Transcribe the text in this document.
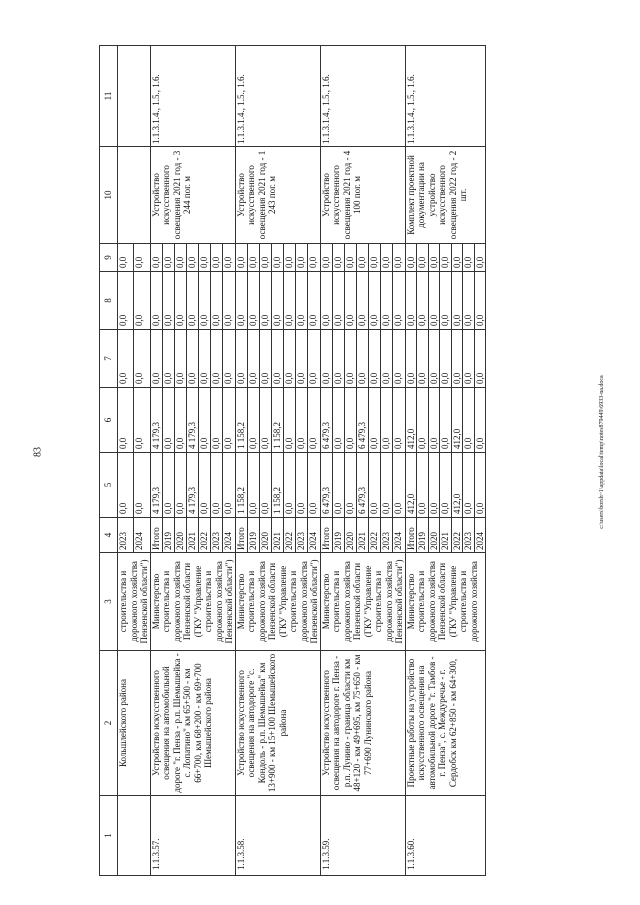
83	c:\users\borsh~1\appdata\local\temp\notes879449\6933-na.doca
1	2	3	4	5	6	7	8	9	10	11
	Кольшлейского района	строительства и дорожного хозяйства Пензенской области")	2023	0,0	0,0	0,0	0,0	0,0		
			2024	0,0	0,0	0,0	0,0	0,0		
1.1.3.57.	Устройство искусственного освещения на автомобильной дороге "г. Пенза - р.п. Шемышейка - с. Лопатино" км 65+500 - км 66+700, км 68+200 - км 69+700 Шемышейского района	Министерство строительства и дорожного хозяйства Пензенской области (ГКУ "Управление строительства и дорожного хозяйства Пензенской области")	Итого	4 179,3	4 179,3	0,0	0,0	0,0	Устройство искусственного освещения 2021 год - 3 244 пог. м	1.1.3.1.4., 1.5., 1.6.
			2019	0,0	0,0	0,0	0,0	0,0		
			2020	0,0	0,0	0,0	0,0	0,0		
			2021	4 179,3	4 179,3	0,0	0,0	0,0		
			2022	0,0	0,0	0,0	0,0	0,0		
			2023	0,0	0,0	0,0	0,0	0,0		
			2024	0,0	0,0	0,0	0,0	0,0		
1.1.3.58.	Устройство искусственного освещения на автодороге "с. Кондоль - р.п. Шемышейка" км 13+900 - км 15+100 Шемышейского района	Министерство строительства и дорожного хозяйства Пензенской области (ГКУ "Управление строительства и дорожного хозяйства Пензенской области")	Итого	1 158,2	1 158,2	0,0	0,0	0,0	Устройство искусственного освещения 2021 год - 1 243 пог. м	1.1.3.1.4., 1.5., 1.6.
			2019	0,0	0,0	0,0	0,0	0,0		
			2020	0,0	0,0	0,0	0,0	0,0		
			2021	1 158,2	1 158,2	0,0	0,0	0,0		
			2022	0,0	0,0	0,0	0,0	0,0		
			2023	0,0	0,0	0,0	0,0	0,0		
			2024	0,0	0,0	0,0	0,0	0,0		
1.1.3.59.	Устройство искусственного освещения на автодороге г. Пенза - р.п. Лунино - граница области км 48+120 - км 49+695, км 75+650 - км 77+690 Лунинского района	Министерство строительства и дорожного хозяйства Пензенской области (ГКУ "Управление строительства и дорожного хозяйства Пензенской области")	Итого	6 479,3	6 479,3	0,0	0,0	0,0	Устройство искусственного освещения 2021 год - 4 100 пог. м	1.1.3.1.4., 1.5., 1.6.
			2019	0,0	0,0	0,0	0,0	0,0		
			2020	0,0	0,0	0,0	0,0	0,0		
			2021	6 479,3	6 479,3	0,0	0,0	0,0		
			2022	0,0	0,0	0,0	0,0	0,0		
			2023	0,0	0,0	0,0	0,0	0,0		
			2024	0,0	0,0	0,0	0,0	0,0		
1.1.3.60.	Проектные работы на устройство искусственного освещения на автомобильной дороге "г. Тамбов - г. Пенза", с. Междуречье - г. Сердобск км 62+850 - км 64+300,	Министерство строительства и дорожного хозяйства Пензенской области (ГКУ "Управление строительства и дорожного хозяйства	Итого	412,0	412,0	0,0	0,0	0,0	Комплект проектной документации на устройство искусственного освещения 2022 год - 2 шт.	1.1.3.1.4., 1.5., 1.6.
			2019	0,0	0,0	0,0	0,0	0,0		
			2020	0,0	0,0	0,0	0,0	0,0		
			2021	0,0	0,0	0,0	0,0	0,0		
			2022	412,0	412,0	0,0	0,0	0,0		
			2023	0,0	0,0	0,0	0,0	0,0		
			2024	0,0	0,0	0,0	0,0	0,0		
